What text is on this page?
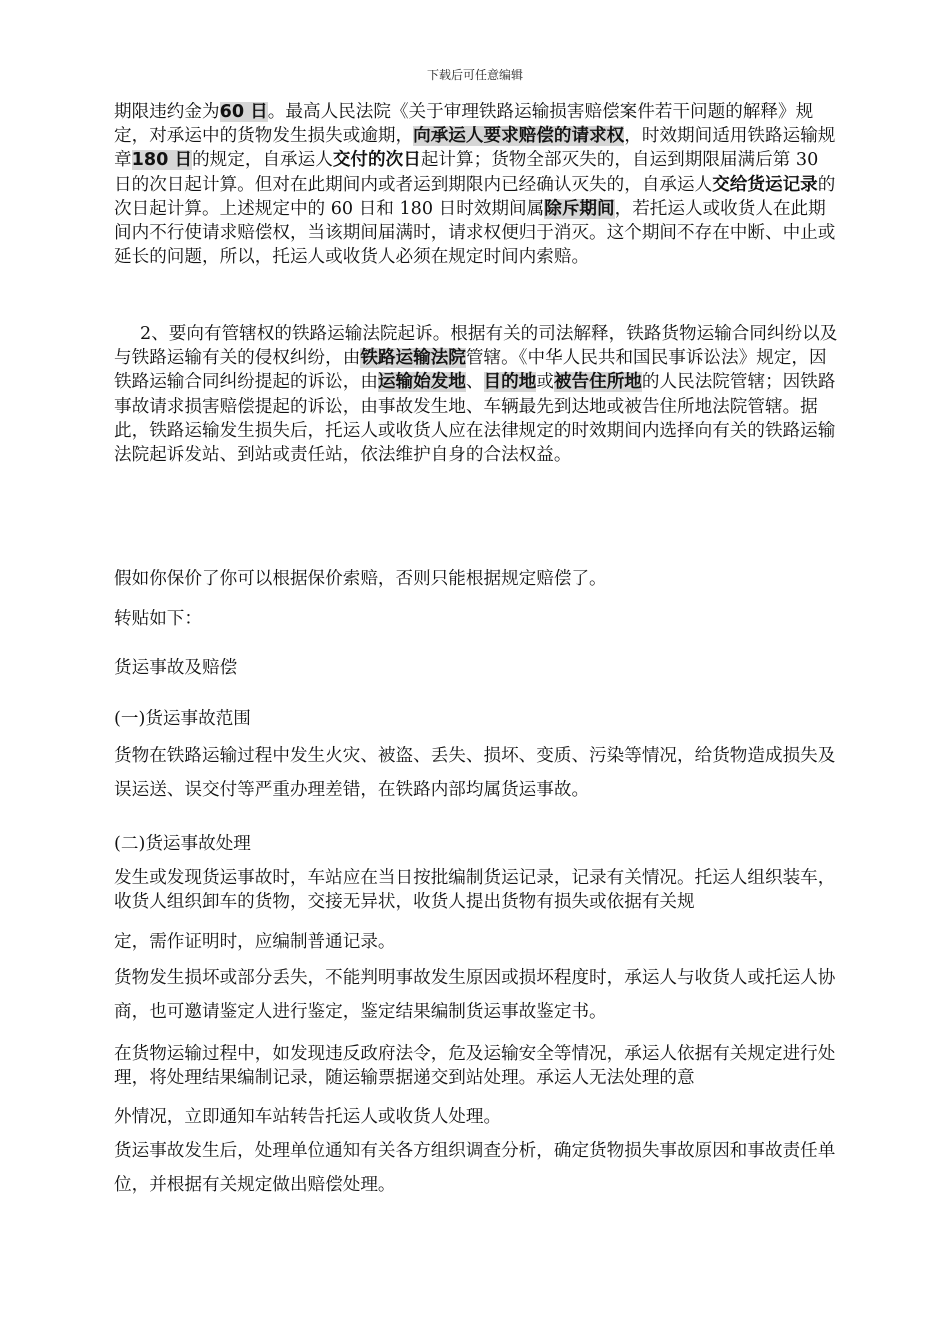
下载后可任意编辑
期限违约金为60 日。最高人民法院《关于审理铁路运输损害赔偿案件若干问题的解释》规定，对承运中的货物发生损失或逾期，向承运人要求赔偿的请求权，时效期间适用铁路运输规章180 日的规定，自承运人交付的次日起计算；货物全部灭失的，自运到期限届满后第 30 日的次日起计算。但对在此期间内或者运到期限内已经确认灭失的，自承运人交给货运记录的次日起计算。上述规定中的 60 日和 180 日时效期间属除斥期间，若托运人或收货人在此期间内不行使请求赔偿权，当该期间届满时，请求权便归于消灭。这个期间不存在中断、中止或延长的问题，所以，托运人或收货人必须在规定时间内索赔。
2、要向有管辖权的铁路运输法院起诉。根据有关的司法解释，铁路货物运输合同纠纷以及与铁路运输有关的侵权纠纷，由铁路运输法院管辖。《中华人民共和国民事诉讼法》规定，因铁路运输合同纠纷提起的诉讼，由运输始发地、目的地或被告住所地的人民法院管辖；因铁路事故请求损害赔偿提起的诉讼，由事故发生地、车辆最先到达地或被告住所地法院管辖。据此，铁路运输发生损失后，托运人或收货人应在法律规定的时效期间内选择向有关的铁路运输法院起诉发站、到站或责任站，依法维护自身的合法权益。
假如你保价了你可以根据保价索赔，否则只能根据规定赔偿了。
转贴如下：
货运事故及赔偿
(一)货运事故范围
货物在铁路运输过程中发生火灾、被盗、丢失、损坏、变质、污染等情况，给货物造成损失及误运送、误交付等严重办理差错，在铁路内部均属货运事故。
(二)货运事故处理
发生或发现货运事故时，车站应在当日按批编制货运记录，记录有关情况。托运人组织装车，收货人组织卸车的货物，交接无异状，收货人提出货物有损失或依据有关规
定，需作证明时，应编制普通记录。
货物发生损坏或部分丢失，不能判明事故发生原因或损坏程度时，承运人与收货人或托运人协商，也可邀请鉴定人进行鉴定，鉴定结果编制货运事故鉴定书。
在货物运输过程中，如发现违反政府法令，危及运输安全等情况，承运人依据有关规定进行处理，将处理结果编制记录，随运输票据递交到站处理。承运人无法处理的意
外情况，立即通知车站转告托运人或收货人处理。
货运事故发生后，处理单位通知有关各方组织调查分析，确定货物损失事故原因和事故责任单位，并根据有关规定做出赔偿处理。
